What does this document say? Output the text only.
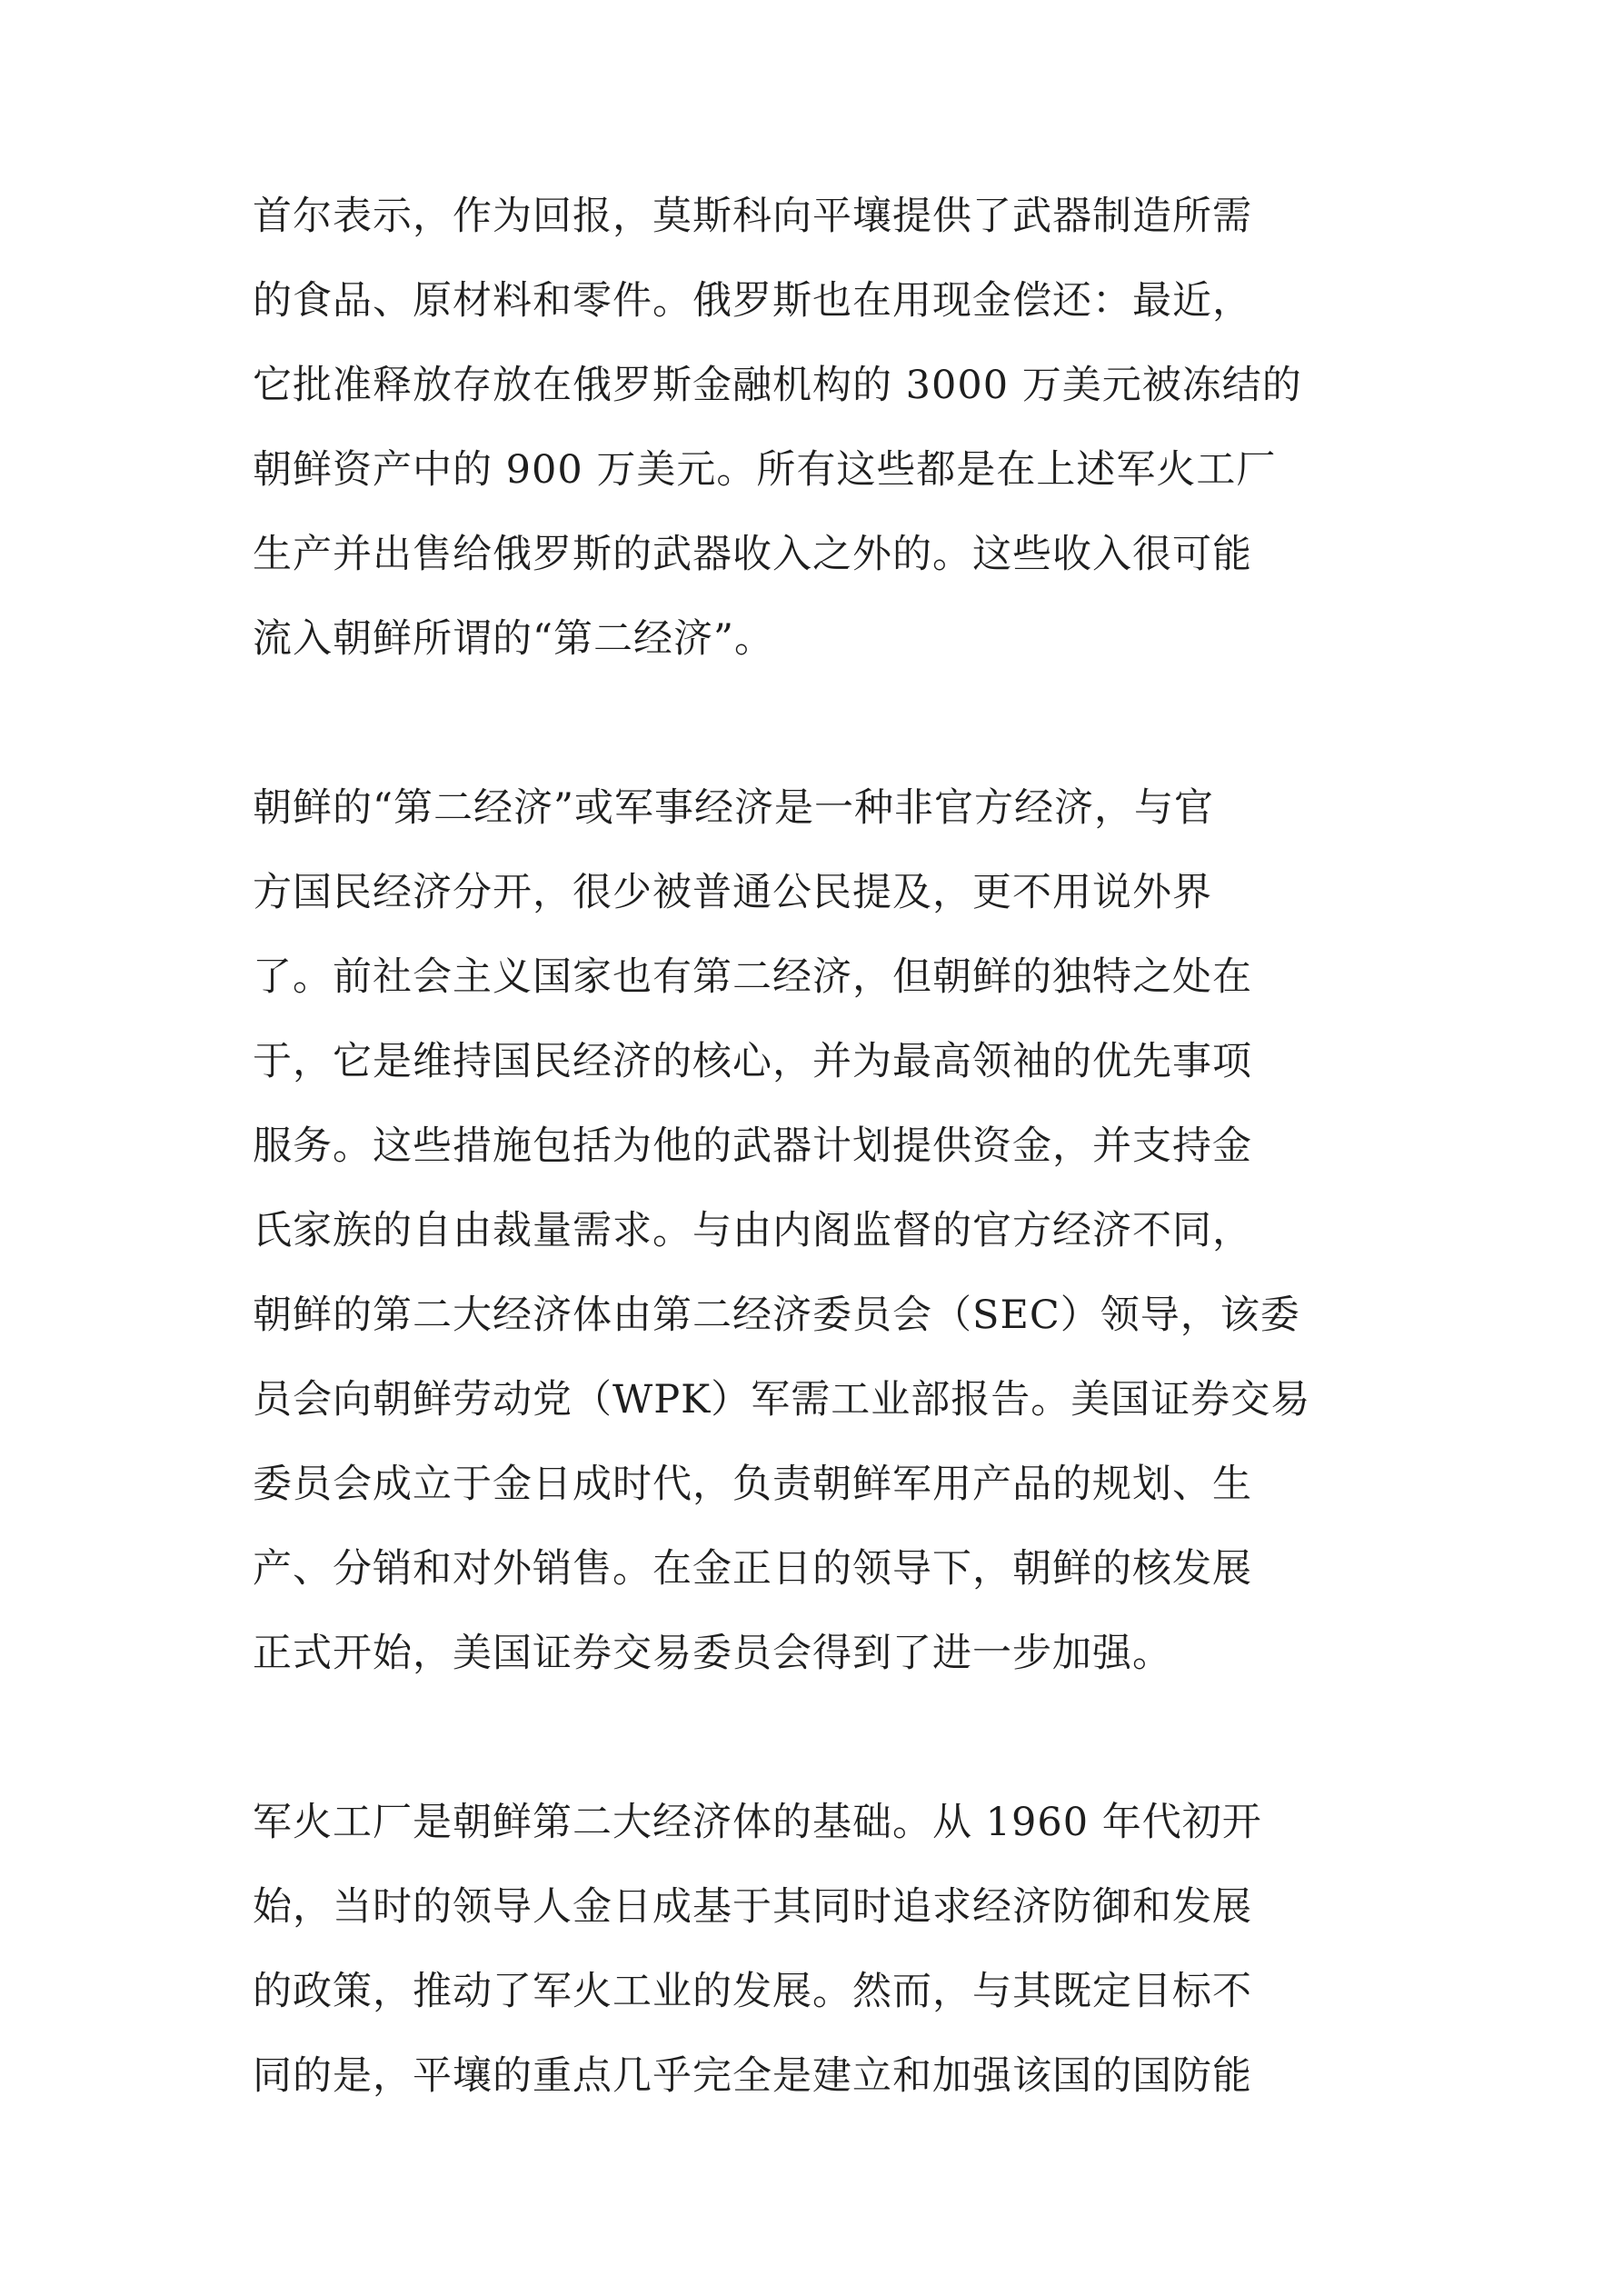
首尔表示，作为回报，莫斯科向平壤提供了武器制造所需
的食品、原材料和零件。俄罗斯也在用现金偿还：最近，
它批准释放存放在俄罗斯金融机构的 3000 万美元被冻结的
朝鲜资产中的 900 万美元。所有这些都是在上述军火工厂
生产并出售给俄罗斯的武器收入之外的。这些收入很可能
流入朝鲜所谓的“第二经济”。

朝鲜的“第二经济”或军事经济是一种非官方经济，与官
方国民经济分开，很少被普通公民提及，更不用说外界
了。前社会主义国家也有第二经济，但朝鲜的独特之处在
于，它是维持国民经济的核心，并为最高领袖的优先事项
服务。这些措施包括为他的武器计划提供资金，并支持金
氏家族的自由裁量需求。与由内阁监督的官方经济不同，
朝鲜的第二大经济体由第二经济委员会（SEC）领导，该委
员会向朝鲜劳动党（WPK）军需工业部报告。美国证券交易
委员会成立于金日成时代，负责朝鲜军用产品的规划、生
产、分销和对外销售。在金正日的领导下，朝鲜的核发展
正式开始，美国证券交易委员会得到了进一步加强。

军火工厂是朝鲜第二大经济体的基础。从 1960 年代初开
始，当时的领导人金日成基于其同时追求经济防御和发展
的政策，推动了军火工业的发展。然而，与其既定目标不
同的是，平壤的重点几乎完全是建立和加强该国的国防能
